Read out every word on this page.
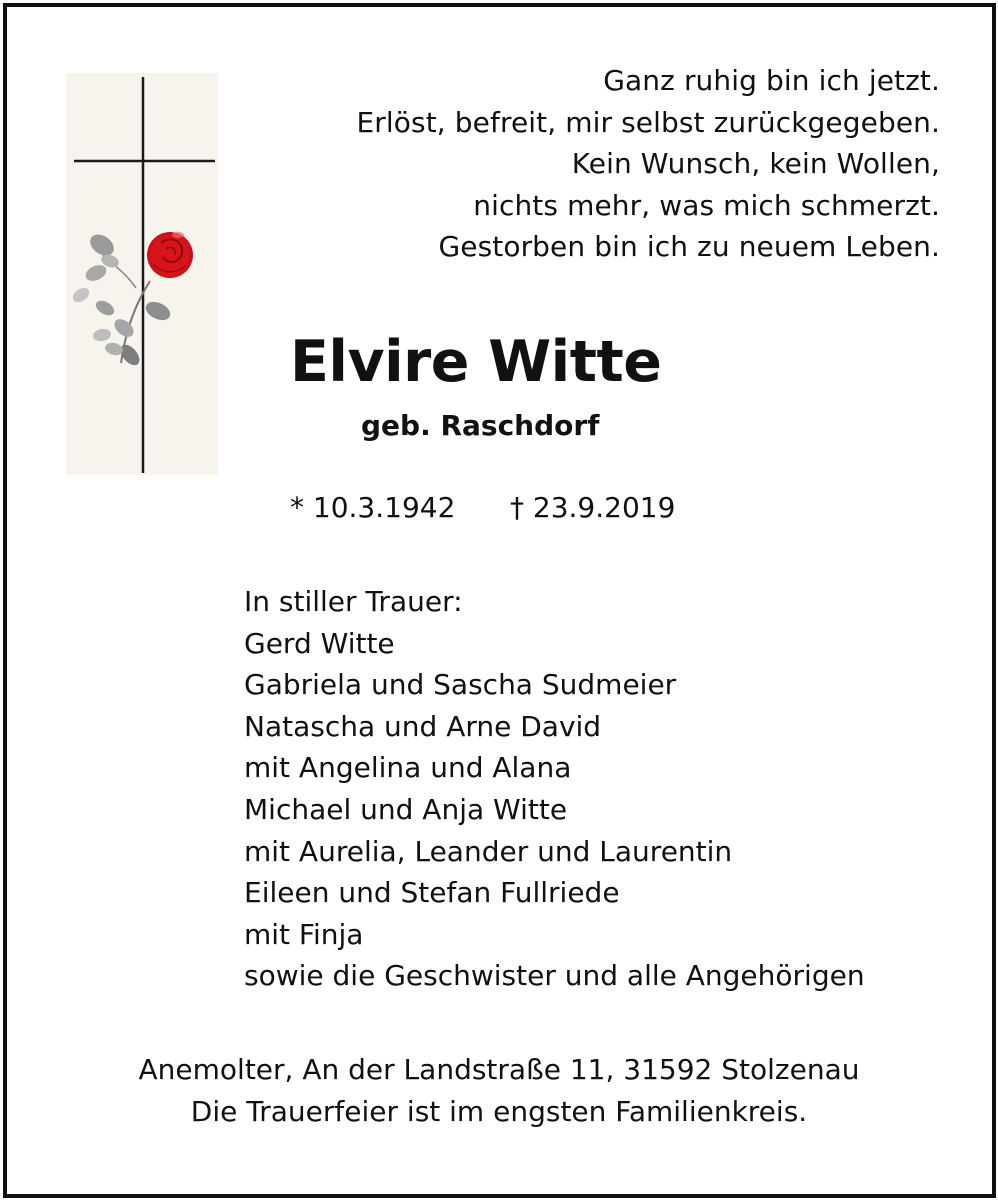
Ganz ruhig bin ich jetzt.
Erlöst, befreit, mir selbst zurückgegeben.
Kein Wunsch, kein Wollen,
nichts mehr, was mich schmerzt.
Gestorben bin ich zu neuem Leben.
Elvire Witte
geb. Raschdorf
* 10.3.1942 † 23.9.2019
In stiller Trauer:
Gerd Witte
Gabriela und Sascha Sudmeier
Natascha und Arne David
mit Angelina und Alana
Michael und Anja Witte
mit Aurelia, Leander und Laurentin
Eileen und Stefan Fullriede
mit Finja
sowie die Geschwister und alle Angehörigen
Anemolter, An der Landstraße 11, 31592 Stolzenau
Die Trauerfeier ist im engsten Familienkreis.
